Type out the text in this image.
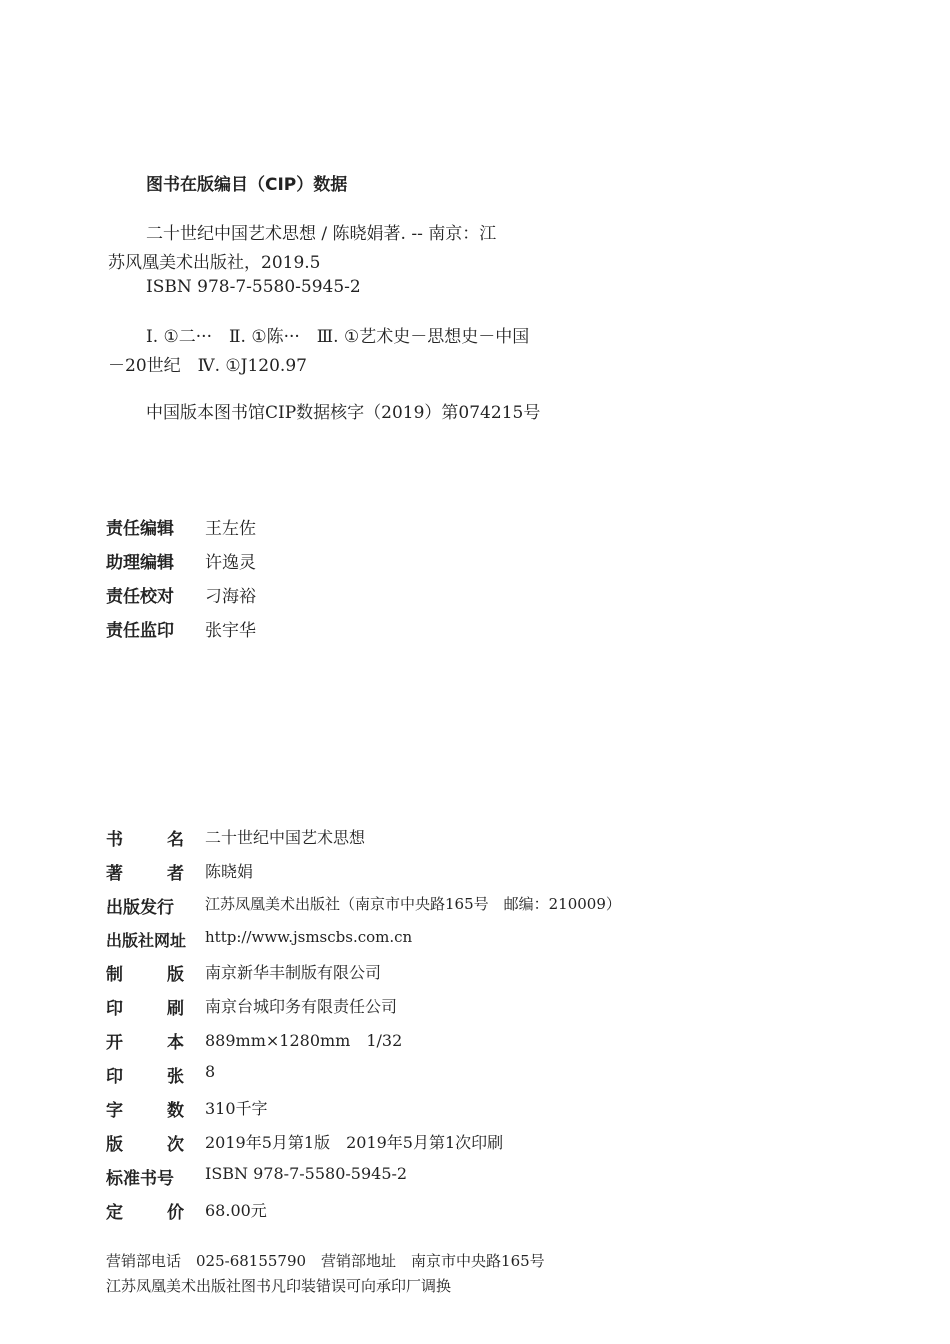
图书在版编目（CIP）数据
二十世纪中国艺术思想 / 陈晓娟著. -- 南京：江
苏风凰美术出版社，2019.5
ISBN 978-7-5580-5945-2
Ⅰ. ①二···　Ⅱ. ①陈···　Ⅲ. ①艺术史－思想史－中国
－20世纪　Ⅳ. ①J120.97
中国版本图书馆CIP数据核字（2019）第074215号
责任编辑	王左佐
助理编辑	许逸灵
责任校对	刁海裕
责任监印	张宇华
书	名 二十世纪中国艺术思想
著	者 陈晓娟
出版发行 江苏凤凰美术出版社（南京市中央路165号　邮编：210009）
出版社网址 http://www.jsmscbs.com.cn
制	版 南京新华丰制版有限公司
印	刷 南京台城印务有限责任公司
开	本 889mm×1280mm　1/32
印	张 8
字	数 310千字
版	次 2019年5月第1版　2019年5月第1次印刷
标准书号 ISBN 978-7-5580-5945-2
定	价 68.00元
营销部电话　025-68155790　营销部地址　南京市中央路165号
江苏凤凰美术出版社图书凡印装错误可向承印厂调换
